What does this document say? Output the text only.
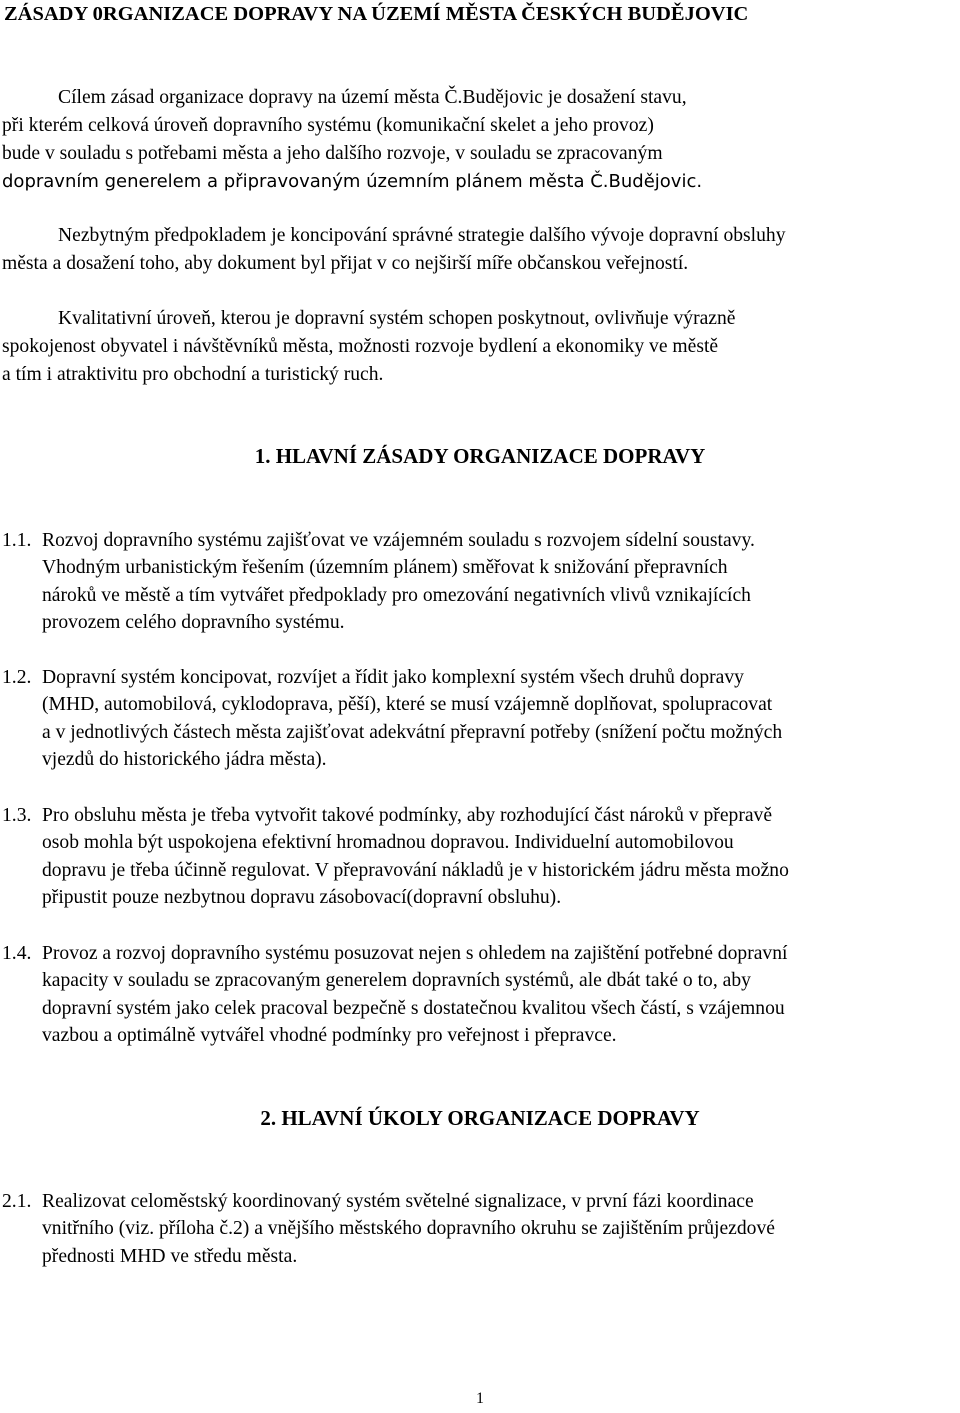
ZÁSADY 0RGANIZACE DOPRAVY NA ÚZEMÍ MĚSTA ČESKÝCH BUDĚJOVIC

Cílem zásad organizace dopravy na území města Č.Budějovic je dosažení stavu,
při kterém celková úroveň dopravního systému (komunikační skelet a jeho provoz)
bude v souladu s potřebami města a jeho dalšího rozvoje, v souladu se zpracovaným
dopravním generelem a připravovaným územním plánem města Č.Budějovic.

Nezbytným předpokladem je koncipování správné strategie dalšího vývoje dopravní obsluhy
města a dosažení toho, aby dokument byl přijat v co nejširší míře občanskou veřejností.

Kvalitativní úroveň, kterou je dopravní systém schopen poskytnout, ovlivňuje výrazně
spokojenost obyvatel i návštěvníků města, možnosti rozvoje bydlení a ekonomiky ve městě
a tím i atraktivitu pro obchodní a turistický ruch.

1. HLAVNÍ ZÁSADY ORGANIZACE DOPRAVY
1.1. Rozvoj dopravního systému zajišťovat ve vzájemném souladu s rozvojem sídelní soustavy.
Vhodným urbanistickým řešením (územním plánem) směřovat k snižování přepravních
nároků ve městě a tím vytvářet předpoklady pro omezování negativních vlivů vznikajících
provozem celého dopravního systému.
1.2. Dopravní systém koncipovat, rozvíjet a řídit jako komplexní systém všech druhů dopravy
(MHD, automobilová, cyklodoprava, pěší), které se musí vzájemně doplňovat, spolupracovat
a v jednotlivých částech města zajišťovat adekvátní přepravní potřeby (snížení počtu možných
vjezdů do historického jádra města).
1.3. Pro obsluhu města je třeba vytvořit takové podmínky, aby rozhodující část nároků v přepravě
osob mohla být uspokojena efektivní hromadnou dopravou. Individuelní automobilovou
dopravu je třeba účinně regulovat. V přepravování nákladů je v historickém jádru města možno
připustit pouze nezbytnou dopravu zásobovací(dopravní obsluhu).
1.4. Provoz a rozvoj dopravního systému posuzovat nejen s ohledem na zajištění potřebné dopravní
kapacity v souladu se zpracovaným generelem dopravních systémů, ale dbát také o to, aby
dopravní systém jako celek pracoval bezpečně s dostatečnou kvalitou všech částí, s vzájemnou
vazbou a optimálně vytvářel vhodné podmínky pro veřejnost i přepravce.
2. HLAVNÍ ÚKOLY ORGANIZACE DOPRAVY
2.1. Realizovat celoměstský koordinovaný systém světelné signalizace, v první fázi koordinace
vnitřního (viz. příloha č.2) a vnějšího městského dopravního okruhu se zajištěním průjezdové
přednosti MHD ve středu města.
1
